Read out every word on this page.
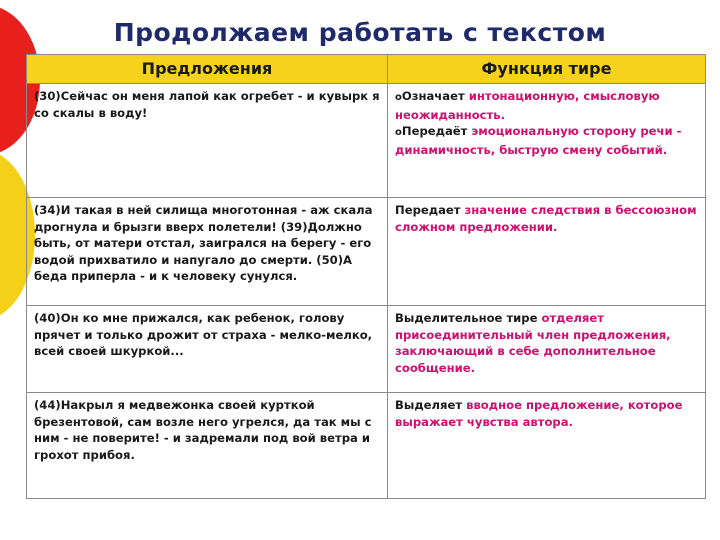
Продолжаем работать с текстом
Предложения	Функция тире
(30)Сейчас он меня лапой как огребет - и кувырк я со скалы в воду!	oОзначает интонационную, смысловую неожиданность.
oПередаёт эмоциональную сторону речи - динамичность, быструю смену событий.

(34)И такая в ней силища многотонная - аж скала дрогнула и брызги вверх полетели! (39)Должно быть, от матери отстал, заигрался на берегу - его водой прихватило и напугало до смерти. (50)А беда приперла - и к человеку сунулся.	Передает значение следствия в бессоюзном сложном предложении.

(40)Он ко мне прижался, как ребенок, голову прячет и только дрожит от страха - мелко-мелко, всей своей шкуркой...	Выделительное тире отделяет присоединительный член предложения, заключающий в себе дополнительное сообщение.

(44)Накрыл я медвежонка своей курткой брезентовой, сам возле него угрелся, да так мы с ним - не поверите! - и задремали под вой ветра и грохот прибоя.	Выделяет вводное предложение, которое выражает чувства автора.
